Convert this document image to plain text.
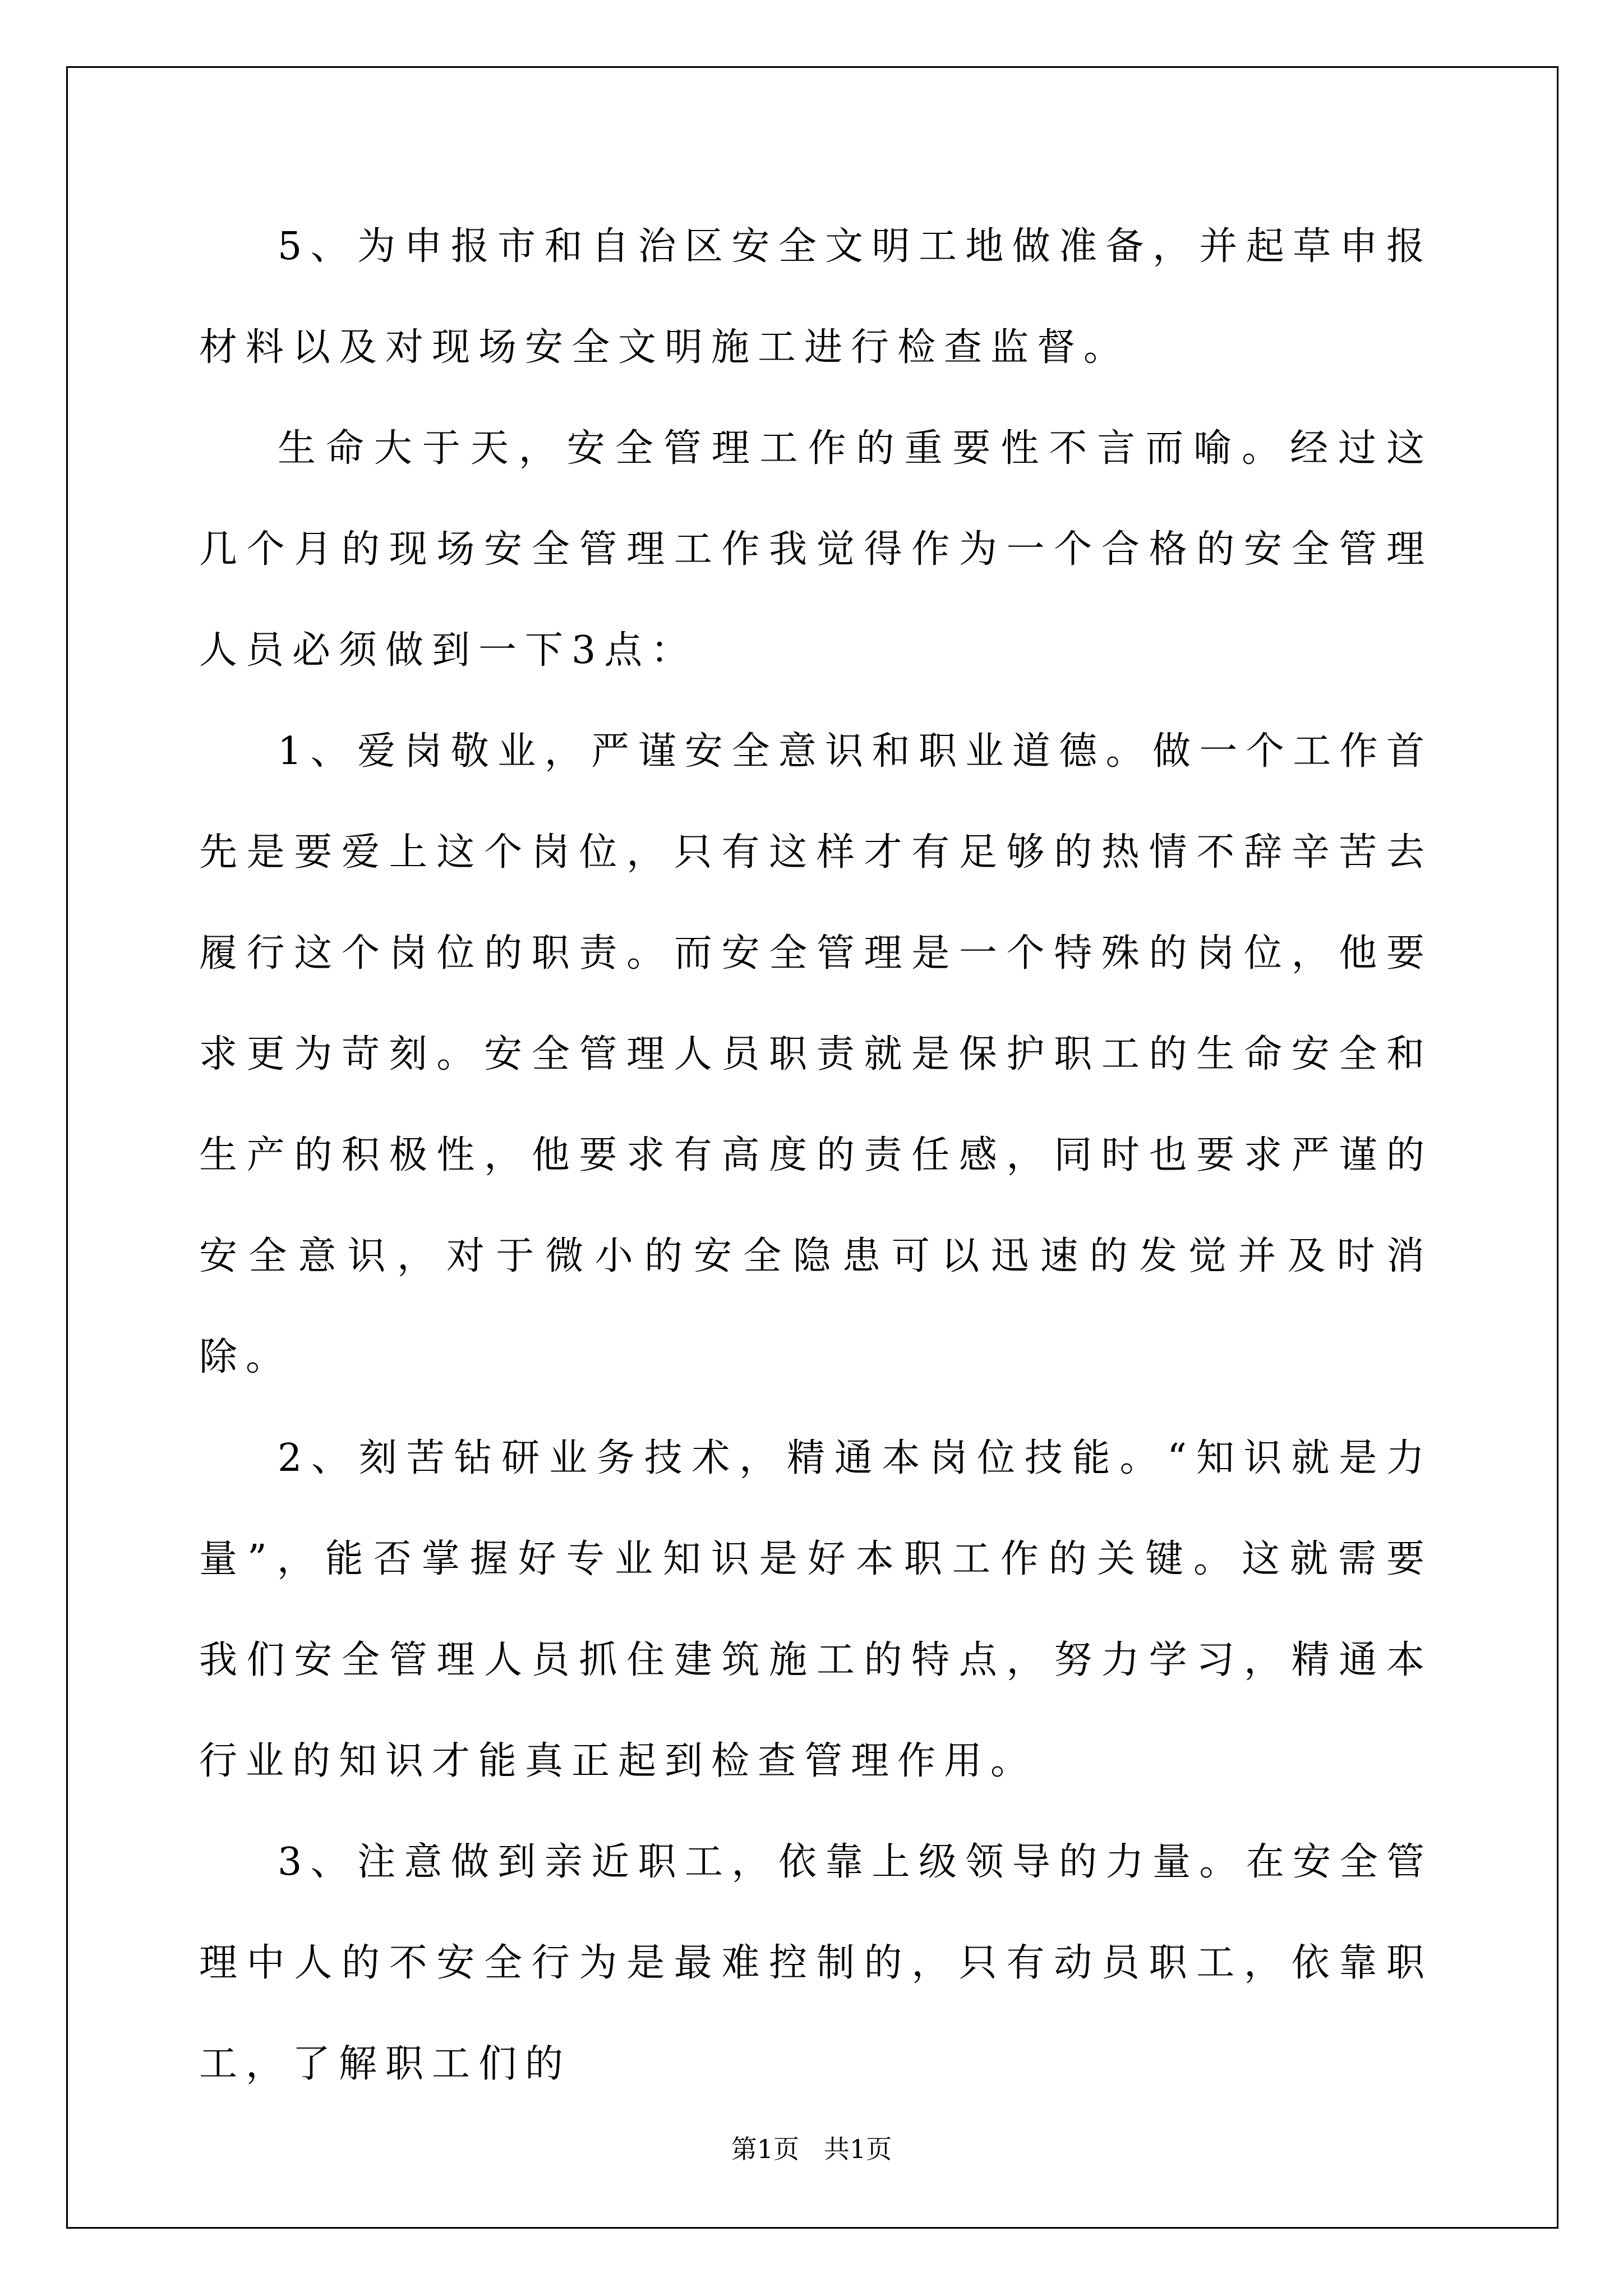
5、为申报市和自治区安全文明工地做准备，并起草申报材料以及对现场安全文明施工进行检查监督。

生命大于天，安全管理工作的重要性不言而喻。经过这几个月的现场安全管理工作我觉得作为一个合格的安全管理人员必须做到一下3点：

1、爱岗敬业，严谨安全意识和职业道德。做一个工作首先是要爱上这个岗位，只有这样才有足够的热情不辞辛苦去履行这个岗位的职责。而安全管理是一个特殊的岗位，他要求更为苛刻。安全管理人员职责就是保护职工的生命安全和生产的积极性，他要求有高度的责任感，同时也要求严谨的安全意识，对于微小的安全隐患可以迅速的发觉并及时消除。

2、刻苦钻研业务技术，精通本岗位技能。“知识就是力量”，能否掌握好专业知识是好本职工作的关键。这就需要我们安全管理人员抓住建筑施工的特点，努力学习，精通本行业的知识才能真正起到检查管理作用。

3、注意做到亲近职工，依靠上级领导的力量。在安全管理中人的不安全行为是最难控制的，只有动员职工，依靠职工，了解职工们的

第1页   共1页
